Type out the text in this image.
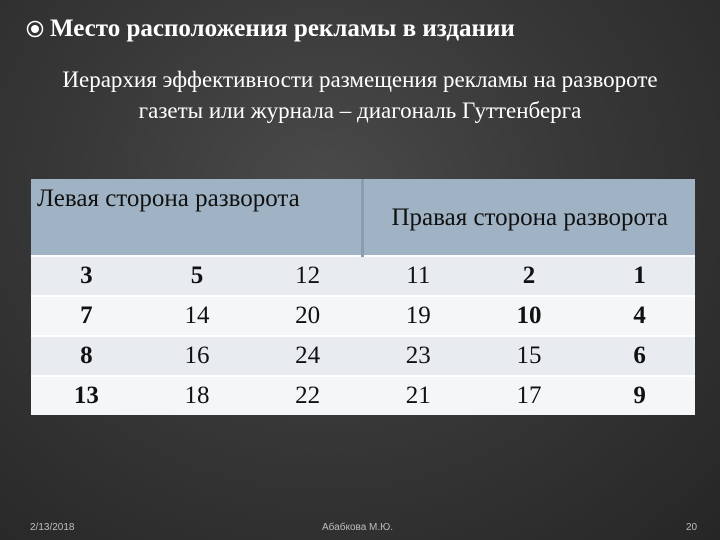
Место расположения рекламы в издании
Иерархия эффективности размещения рекламы на развороте газеты или журнала – диагональ Гуттенберга
Левая сторона разворота			Правая сторона разворота		
3	5	12	11	2	1
7	14	20	19	10	4
8	16	24	23	15	6
13	18	22	21	17	9
2/13/2018	Абабкова М.Ю.	20
